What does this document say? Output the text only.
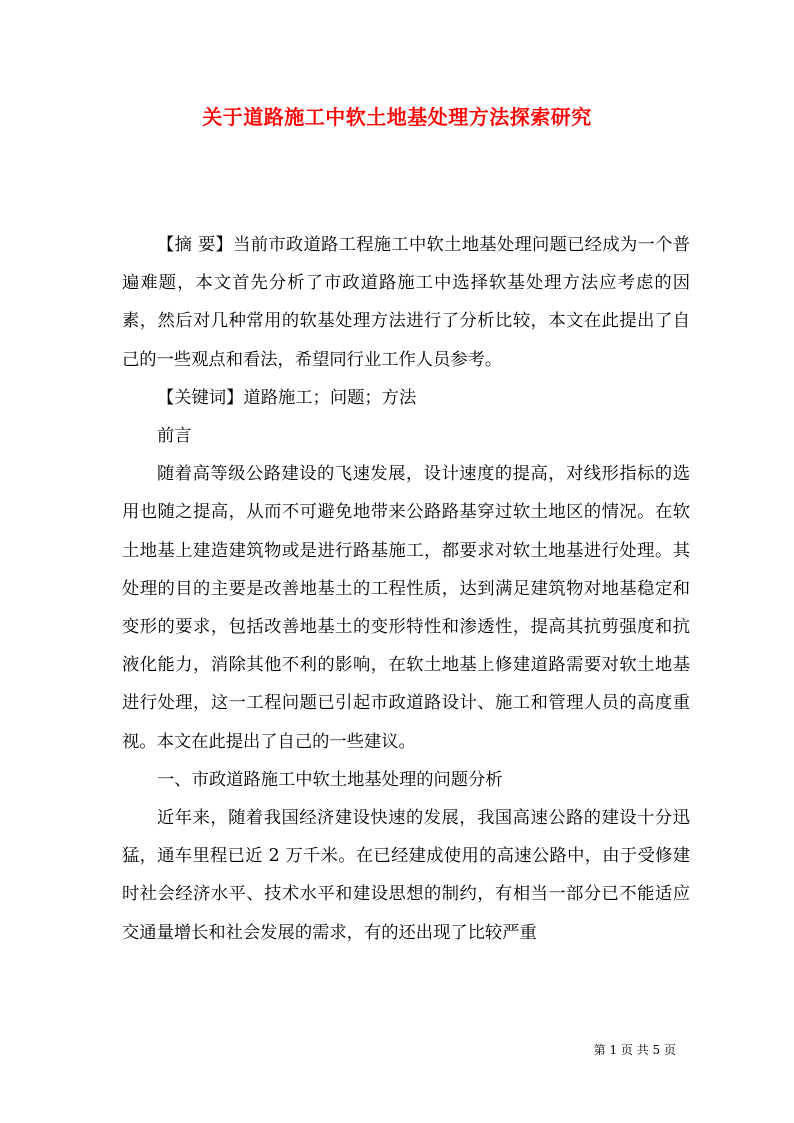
关于道路施工中软土地基处理方法探索研究

【摘 要】当前市政道路工程施工中软土地基处理问题已经成为一个普遍难题，本文首先分析了市政道路施工中选择软基处理方法应考虑的因素，然后对几种常用的软基处理方法进行了分析比较，本文在此提出了自己的一些观点和看法，希望同行业工作人员参考。

【关键词】道路施工；问题；方法

前言

随着高等级公路建设的飞速发展，设计速度的提高，对线形指标的选用也随之提高，从而不可避免地带来公路路基穿过软土地区的情况。在软土地基上建造建筑物或是进行路基施工，都要求对软土地基进行处理。其处理的目的主要是改善地基土的工程性质，达到满足建筑物对地基稳定和变形的要求，包括改善地基土的变形特性和渗透性，提高其抗剪强度和抗液化能力，消除其他不利的影响，在软土地基上修建道路需要对软土地基进行处理，这一工程问题已引起市政道路设计、施工和管理人员的高度重视。本文在此提出了自己的一些建议。

一、市政道路施工中软土地基处理的问题分析

近年来，随着我国经济建设快速的发展，我国高速公路的建设十分迅猛，通车里程已近 2 万千米。在已经建成使用的高速公路中，由于受修建时社会经济水平、技术水平和建设思想的制约，有相当一部分已不能适应交通量增长和社会发展的需求，有的还出现了比较严重

第 1 页 共 5 页
